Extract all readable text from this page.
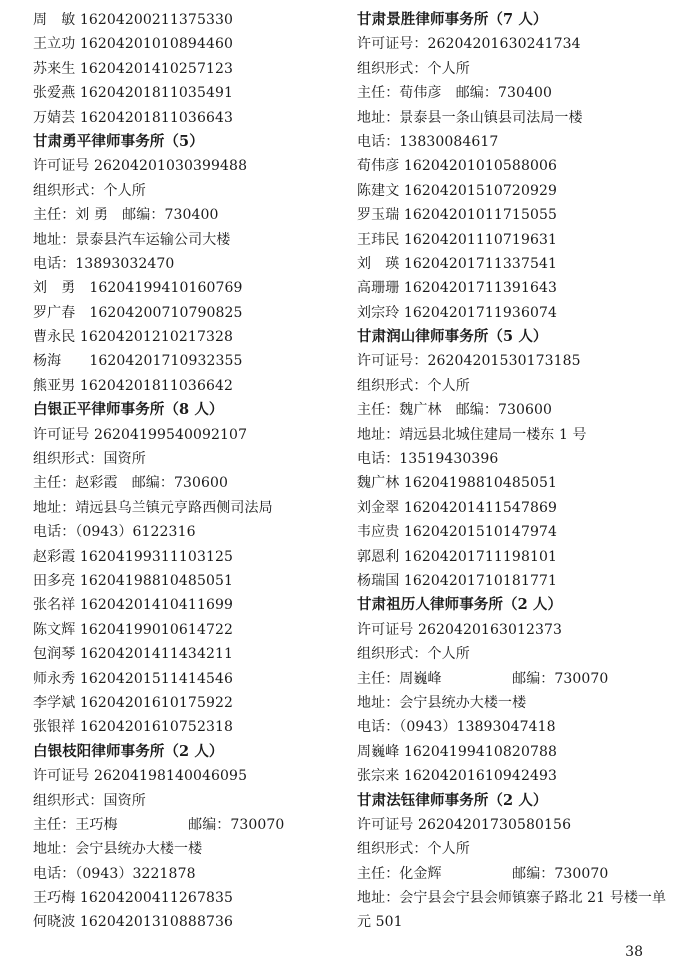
周　敏 16204200211375330
王立功 16204201010894460
苏来生 16204201410257123
张爱燕 16204201811035491
万婧芸 16204201811036643
甘肃勇平律师事务所（5）
许可证号 26204201030399488
组织形式：个人所
主任：刘 勇　邮编：730400
地址：景泰县汽车运输公司大楼
电话：13893032470
刘　勇　16204199410160769
罗广春　16204200710790825
曹永民 16204201210217328
杨海　　16204201710932355
熊亚男 16204201811036642
白银正平律师事务所（8 人）
许可证号 26204199540092107
组织形式：国资所
主任：赵彩霞　邮编：730600
地址：靖远县乌兰镇元亨路西侧司法局
电话：（0943）6122316
赵彩霞 16204199311103125
田多亮 16204198810485051
张名祥 16204201410411699
陈文辉 16204199010614722
包润琴 16204201411434211
师永秀 16204201511414546
李学斌 16204201610175922
张银祥 16204201610752318
白银枝阳律师事务所（2 人）
许可证号 26204198140046095
组织形式：国资所
主任：王巧梅　　　　　邮编：730070
地址：会宁县统办大楼一楼
电话：（0943）3221878
王巧梅 16204200411267835
何晓波 16204201310888736
甘肃景胜律师事务所（7 人）
许可证号：26204201630241734
组织形式：个人所
主任：荀伟彦　邮编：730400
地址：景泰县一条山镇县司法局一楼
电话：13830084617
荀伟彦 16204201010588006
陈建文 16204201510720929
罗玉瑞 16204201011715055
王玮民 16204201110719631
刘　瑛 16204201711337541
高珊珊 16204201711391643
刘宗玲 16204201711936074
甘肃润山律师事务所（5 人）
许可证号：26204201530173185
组织形式：个人所
主任：魏广林　邮编：730600
地址：靖远县北城住建局一楼东 1 号
电话：13519430396
魏广林 16204198810485051
刘金翠 16204201411547869
韦应贵 16204201510147974
郭恩利 16204201711198101
杨瑞国 16204201710181771
甘肃祖历人律师事务所（2 人）
许可证号 2620420163012373
组织形式：个人所
主任：周巍峰　　　　　邮编：730070
地址：会宁县统办大楼一楼
电话：（0943）13893047418
周巍峰 16204199410820788
张宗来 16204201610942493
甘肃法钰律师事务所（2 人）
许可证号 26204201730580156
组织形式：个人所
主任：化金辉　　　　　邮编：730070
地址：会宁县会宁县会师镇寨子路北 21 号楼一单元 501
38
